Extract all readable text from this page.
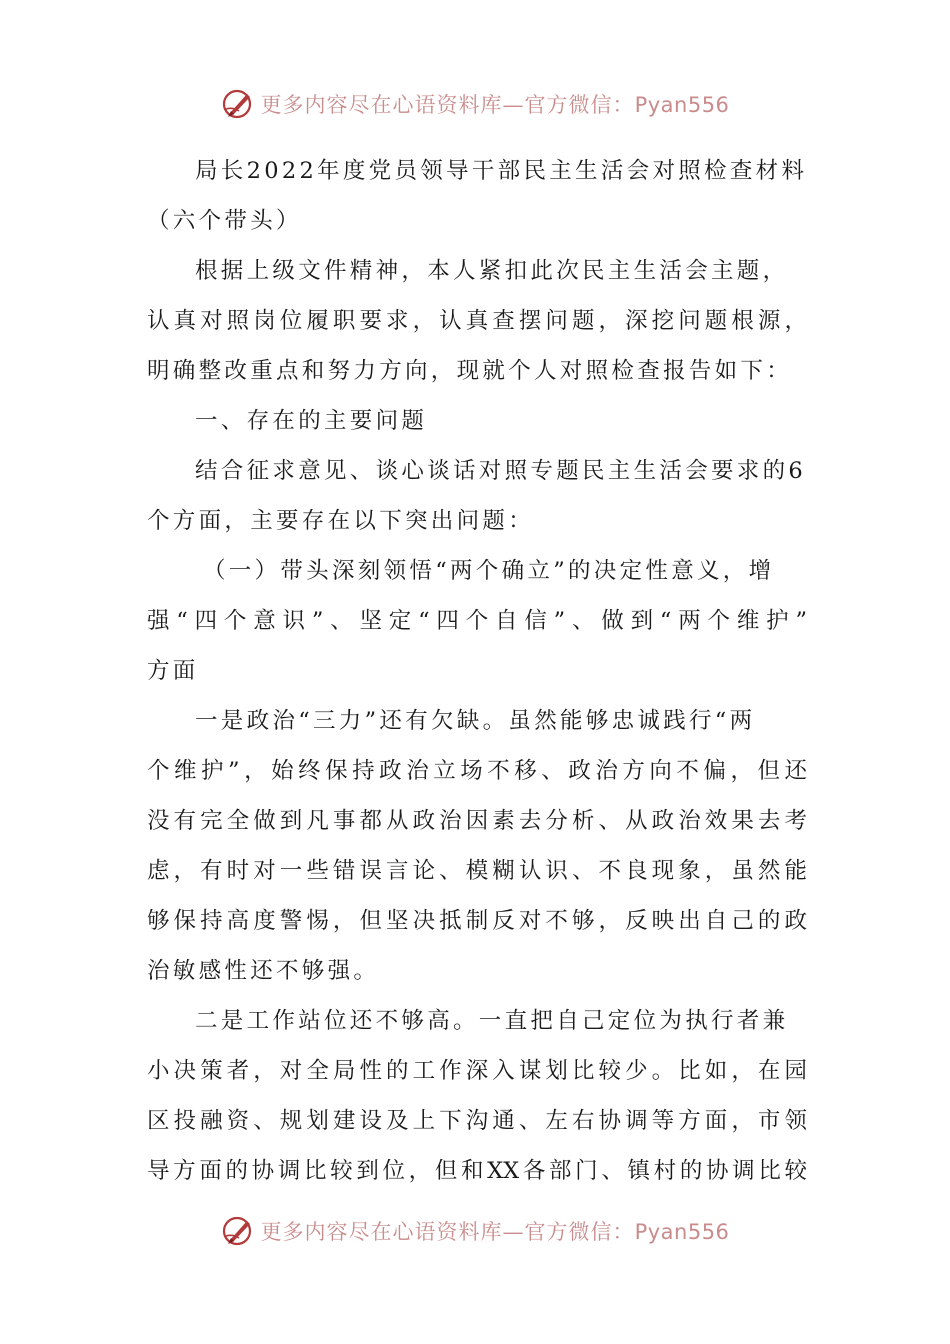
更多内容尽在心语资料库—官方微信：Pyan556
局长2022年度党员领导干部民主生活会对照检查材料
（六个带头）
根据上级文件精神，本人紧扣此次民主生活会主题，
认真对照岗位履职要求，认真查摆问题，深挖问题根源，
明确整改重点和努力方向，现就个人对照检查报告如下：
一、存在的主要问题
结合征求意见、谈心谈话对照专题民主生活会要求的6
个方面，主要存在以下突出问题：
（一）带头深刻领悟“两个确立”的决定性意义，增
强“四个意识”、坚定“四个自信”、做到“两个维护”
方面
一是政治“三力”还有欠缺。虽然能够忠诚践行“两
个维护”，始终保持政治立场不移、政治方向不偏，但还
没有完全做到凡事都从政治因素去分析、从政治效果去考
虑，有时对一些错误言论、模糊认识、不良现象，虽然能
够保持高度警惕，但坚决抵制反对不够，反映出自己的政
治敏感性还不够强。
二是工作站位还不够高。一直把自己定位为执行者兼
小决策者，对全局性的工作深入谋划比较少。比如，在园
区投融资、规划建设及上下沟通、左右协调等方面，市领
导方面的协调比较到位，但和XX各部门、镇村的协调比较
更多内容尽在心语资料库—官方微信：Pyan556
